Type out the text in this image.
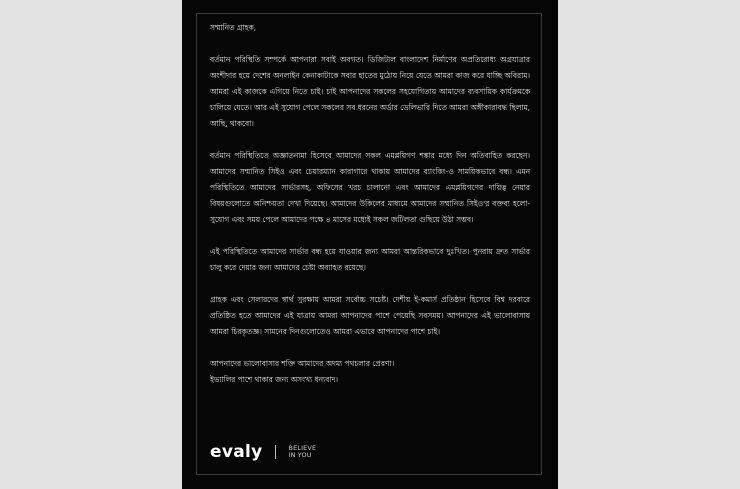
সম্মানিত গ্রাহক,

বর্তমান পরিস্থিতি সম্পর্কে আপনারা সবাই অবগত। ডিজিটাল বাংলাদেশ নির্মাণের অপ্রতিরোধ্য অগ্রযাত্রার অংশীদার হয়ে দেশের অনলাইন কেনাকাটাকে সবার হাতের মুঠোয় নিয়ে যেতে আমরা কাজ করে যাচ্ছি অবিরাম। আমরা এই কাজকে এগিয়ে নিতে চাই। চাই আপনাদের সকলের সহযোগিতায় আমাদের ব্যবসায়িক কার্যক্রমকে চালিয়ে যেতে। আর এই সুযোগ পেলে সকলের সব ধরনের অর্ডার ডেলিভারি দিতে আমরা অঙ্গীকারাবদ্ধ ছিলাম, আছি, থাকবো।

বর্তমান পরিস্থিতিতে অজ্ঞাতনামা হিসেবে আমাদের সকল এমপ্লয়িগণ শঙ্কার মধ্যে দিন অতিবাহিত করছেন। আমাদের সম্মানিত সিইও এবং চেয়ারম্যান কারাগারে থাকায় আমাদের ব্যাংকিং-ও সাময়িকভাবে বন্ধ। এমন পরিস্থিতিতে আমাদের সার্ভারসহ, অফিসের খরচ চালানো এবং আমাদের এমপ্লয়িগণের দায়িত্ব নেয়ার বিষয়গুলোতে অনিশ্চয়তা দেখা দিয়েছে। আমাদের উকিলের মাধ্যমে আমাদের সম্মানিত সিইও'র বক্তব্য হলো- সুযোগ এবং সময় পেলে আমাদের পক্ষে ৪ মাসের মধ্যেই সকল জটিলতা গুছিয়ে উঠা সম্ভব।

এই পরিস্থিতিতে আমাদের সার্ভার বন্ধ হয়ে যাওয়ার জন্য আমরা আন্তরিকভাবে দুঃখিত। পুনরায় দ্রুত সার্ভার চালু করে দেয়ার জন্য আমাদের চেষ্টা অব্যাহত রয়েছে।

গ্রাহক এবং সেলারদের স্বার্থ সুরক্ষায় আমরা সর্বোচ্চ সচেষ্ট। দেশীয় ই-কমার্স প্রতিষ্ঠান হিসেবে বিশ্ব দরবারে প্রতিষ্ঠিত হতে আমাদের এই যাত্রায় আমরা আপনাদের পাশে পেয়েছি সবসময়। আপনাদের এই ভালোবাসায় আমরা চিরকৃতজ্ঞ। সামনের দিনগুলোতেও আমরা এভাবে আপনাদের পাশে চাই।

আপনাদের ভালোবাসার শক্তি আমাদের অদম্য পথচলার প্রেরণা।

ইভ্যালির পাশে থাকার জন্য অসংখ্য ধন্যবাদ।

evaly	BELIEVE
IN YOU
